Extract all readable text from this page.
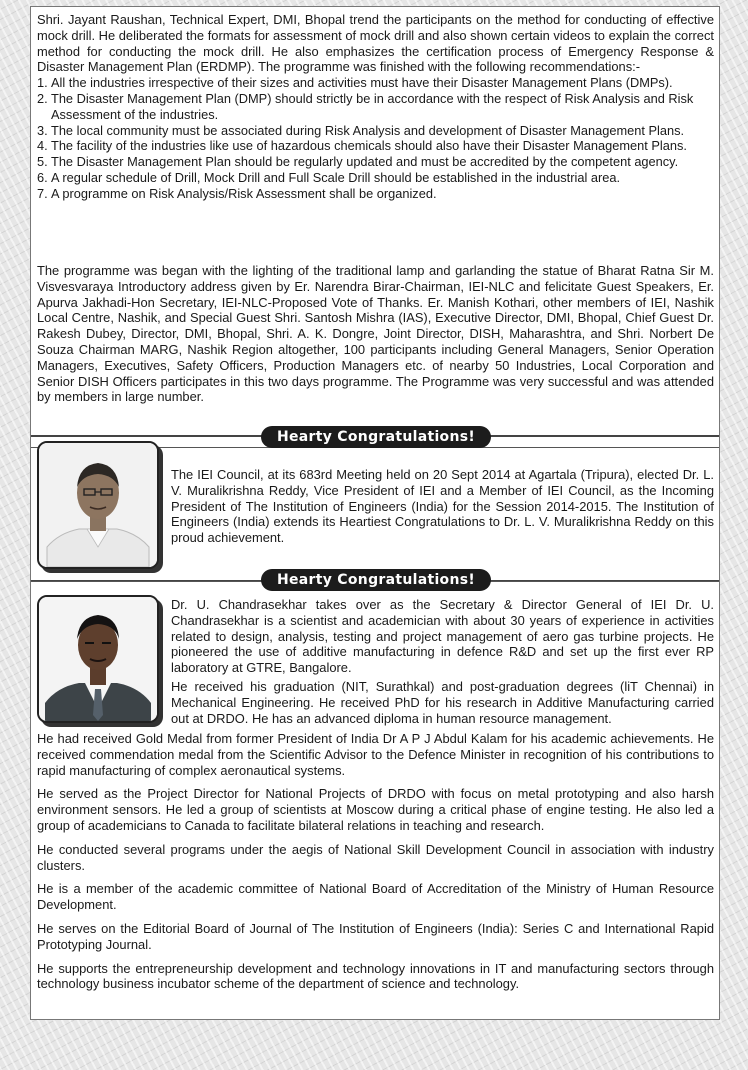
Shri. Jayant Raushan, Technical Expert, DMI, Bhopal trend the participants on the method for conducting of effective mock drill. He deliberated the formats for assessment of mock drill and also shown certain videos to explain the correct method for conducting the mock drill. He also emphasizes the certification process of Emergency Response & Disaster Management Plan (ERDMP). The programme was finished with the following recommendations:-

1. All the industries irrespective of their sizes and activities must have their Disaster Management Plans (DMPs).
2. The Disaster Management Plan (DMP) should strictly be in accordance with the respect of Risk Analysis and Risk Assessment of the industries.
3. The local community must be associated during Risk Analysis and development of Disaster Management Plans.
4. The facility of the industries like use of hazardous chemicals should also have their Disaster Management Plans.
5. The Disaster Management Plan should be regularly updated and must be accredited by the competent agency.
6. A regular schedule of Drill, Mock Drill and Full Scale Drill should be established in the industrial area.
7. A programme on Risk Analysis/Risk Assessment shall be organized.

The programme was began with the lighting of the traditional lamp and garlanding the statue of Bharat Ratna Sir M. Visvesvaraya Introductory address given by Er. Narendra Birar-Chairman, IEI-NLC and felicitate Guest Speakers, Er. Apurva Jakhadi-Hon Secretary, IEI-NLC-Proposed Vote of Thanks. Er. Manish Kothari, other members of IEI, Nashik Local Centre, Nashik, and Special Guest Shri. Santosh Mishra (IAS), Executive Director, DMI, Bhopal, Chief Guest Dr. Rakesh Dubey, Director, DMI, Bhopal, Shri. A. K. Dongre, Joint Director, DISH, Maharashtra, and Shri. Norbert De Souza Chairman MARG, Nashik Region altogether, 100 participants including General Managers, Senior Operation Managers, Executives, Safety Officers, Production Managers etc. of nearby 50 Industries, Local Corporation and Senior DISH Officers participates in this two days programme. The Programme was very successful and was attended by members in large number.

Hearty Congratulations!

The IEI Council, at its 683rd Meeting held on 20 Sept 2014 at Agartala (Tripura), elected Dr. L. V. Muralikrishna Reddy, Vice President of IEI and a Member of IEI Council, as the Incoming President of The Institution of Engineers (India) for the Session 2014-2015. The Institution of Engineers (India) extends its Heartiest Congratulations to Dr. L. V. Muralikrishna Reddy on this proud achievement.

Hearty Congratulations!

Dr. U. Chandrasekhar takes over as the Secretary & Director General of IEI Dr. U. Chandrasekhar is a scientist and academician with about 30 years of experience in activities related to design, analysis, testing and project management of aero gas turbine projects. He pioneered the use of additive manufacturing in defence R&D and set up the first ever RP laboratory at GTRE, Bangalore.

He received his graduation (NIT, Surathkal) and post-graduation degrees (liT Chennai) in Mechanical Engineering. He received PhD for his research in Additive Manufacturing carried out at DRDO. He has an advanced diploma in human resource management.

He had received Gold Medal from former President of India Dr A P J Abdul Kalam for his academic achievements. He received commendation medal from the Scientific Advisor to the Defence Minister in recognition of his contributions to rapid manufacturing of complex aeronautical systems.

He served as the Project Director for National Projects of DRDO with focus on metal prototyping and also harsh environment sensors. He led a group of scientists at Moscow during a critical phase of engine testing. He also led a group of academicians to Canada to facilitate bilateral relations in teaching and research.

He conducted several programs under the aegis of National Skill Development Council in association with industry clusters.

He is a member of the academic committee of National Board of Accreditation of the Ministry of Human Resource Development.

He serves on the Editorial Board of Journal of The Institution of Engineers (India): Series C and International Rapid Prototyping Journal.

He supports the entrepreneurship development and technology innovations in IT and manufacturing sectors through technology business incubator scheme of the department of science and technology.
